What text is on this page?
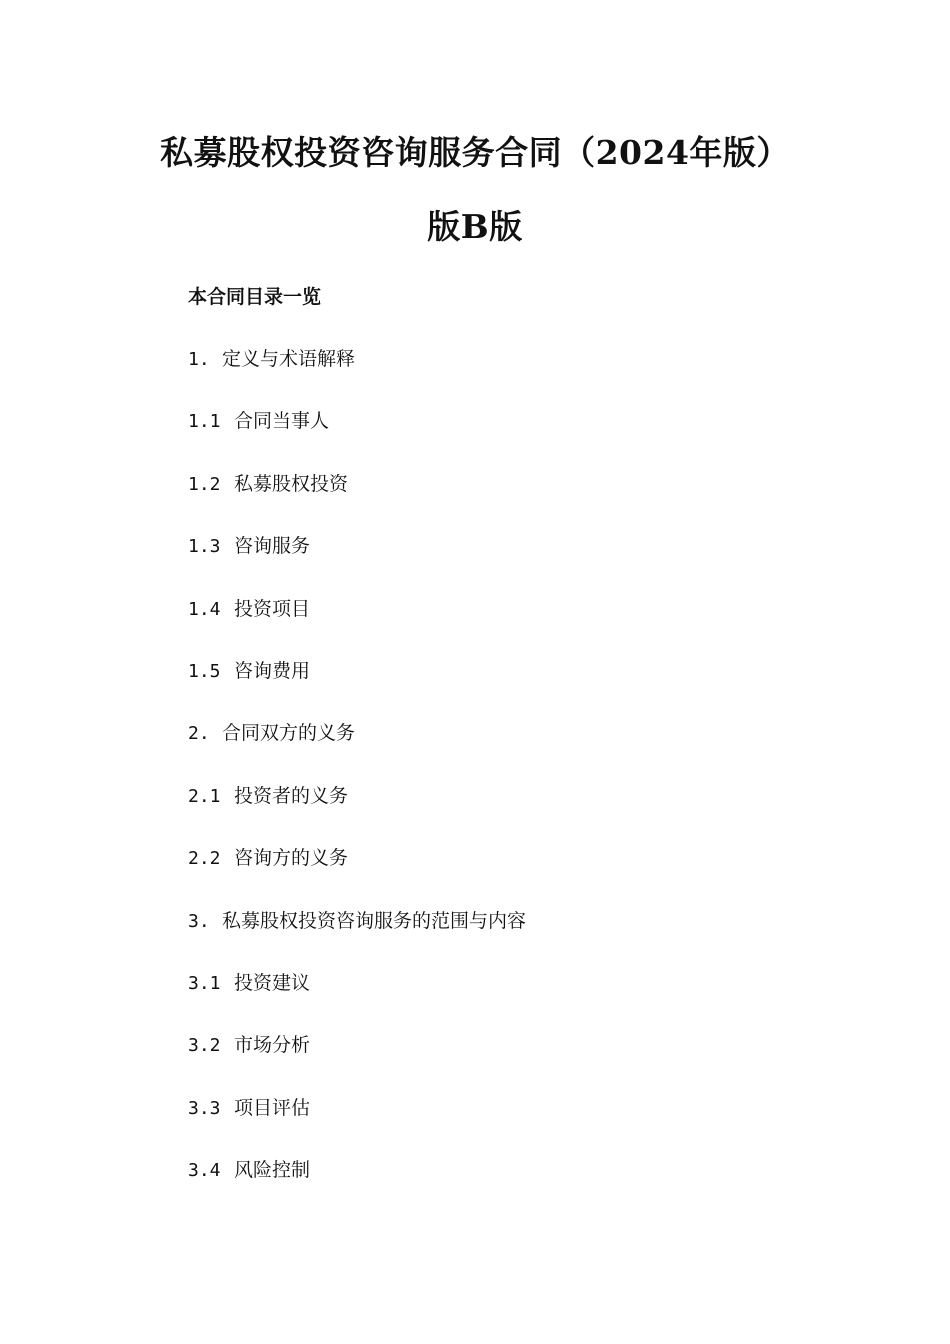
私募股权投资咨询服务合同（2024年版）
版B版
本合同目录一览
1. 定义与术语解释
1.1 合同当事人
1.2 私募股权投资
1.3 咨询服务
1.4 投资项目
1.5 咨询费用
2. 合同双方的义务
2.1 投资者的义务
2.2 咨询方的义务
3. 私募股权投资咨询服务的范围与内容
3.1 投资建议
3.2 市场分析
3.3 项目评估
3.4 风险控制
